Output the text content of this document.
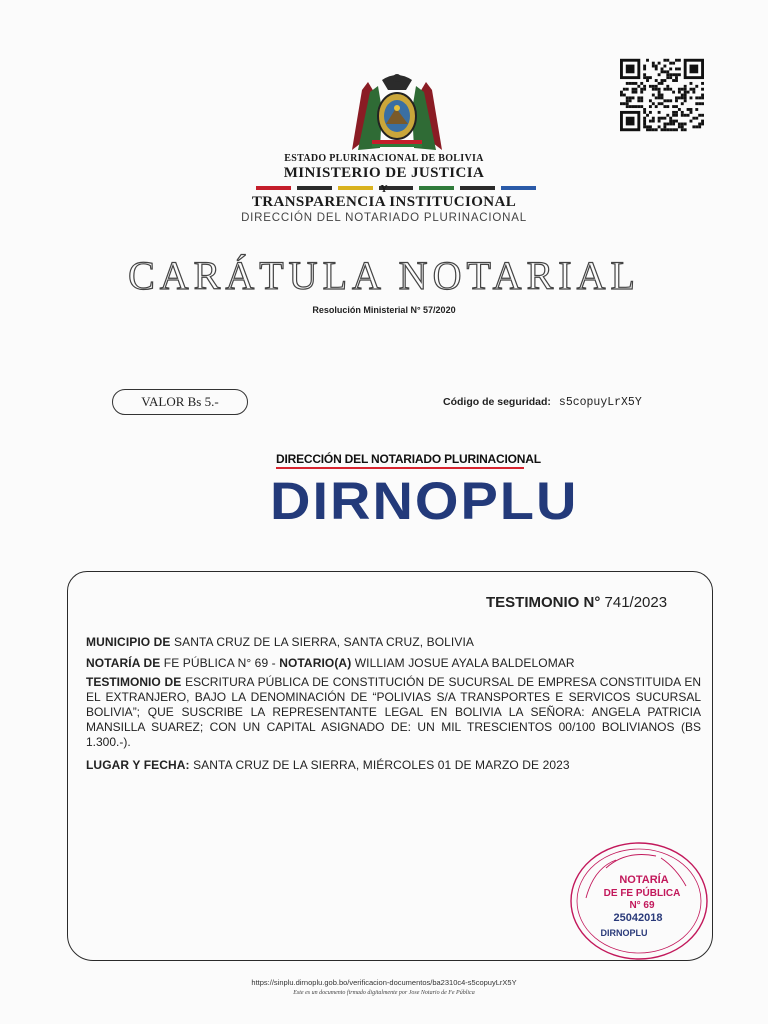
ESTADO PLURINACIONAL DE BOLIVIA
MINISTERIO DE JUSTICIA
Y
TRANSPARENCIA INSTITUCIONAL
DIRECCIÓN DEL NOTARIADO PLURINACIONAL
CARÁTULA NOTARIAL
Resolución Ministerial N° 57/2020
VALOR Bs 5.-	Código de seguridad: s5copuyLrX5Y
DIRECCIÓN DEL NOTARIADO PLURINACIONAL
DIRNOPLU
TESTIMONIO N° 741/2023
MUNICIPIO DE SANTA CRUZ DE LA SIERRA, SANTA CRUZ, BOLIVIA
NOTARÍA DE FE PÚBLICA N° 69 - NOTARIO(A) WILLIAM JOSUE AYALA BALDELOMAR
TESTIMONIO DE ESCRITURA PÚBLICA DE CONSTITUCIÓN DE SUCURSAL DE EMPRESA CONSTITUIDA EN EL EXTRANJERO, BAJO LA DENOMINACIÓN DE “POLIVIAS S/A TRANSPORTES E SERVICOS SUCURSAL BOLIVIA”; QUE SUSCRIBE LA REPRESENTANTE LEGAL EN BOLIVIA LA SEÑORA: ANGELA PATRICIA MANSILLA SUAREZ; CON UN CAPITAL ASIGNADO DE: UN MIL TRESCIENTOS 00/100 BOLIVIANOS (BS 1.300.-).
LUGAR Y FECHA: SANTA CRUZ DE LA SIERRA, MIÉRCOLES 01 DE MARZO DE 2023
NOTARÍA
DE FE PÚBLICA
N° 69
25042018
DIRNOPLU
https://sinplu.dirnoplu.gob.bo/verificacion-documentos/ba2310c4-s5copuyLrX5Y
Este es un documento firmado digitalmente por Jose Notario de Fe Pública
